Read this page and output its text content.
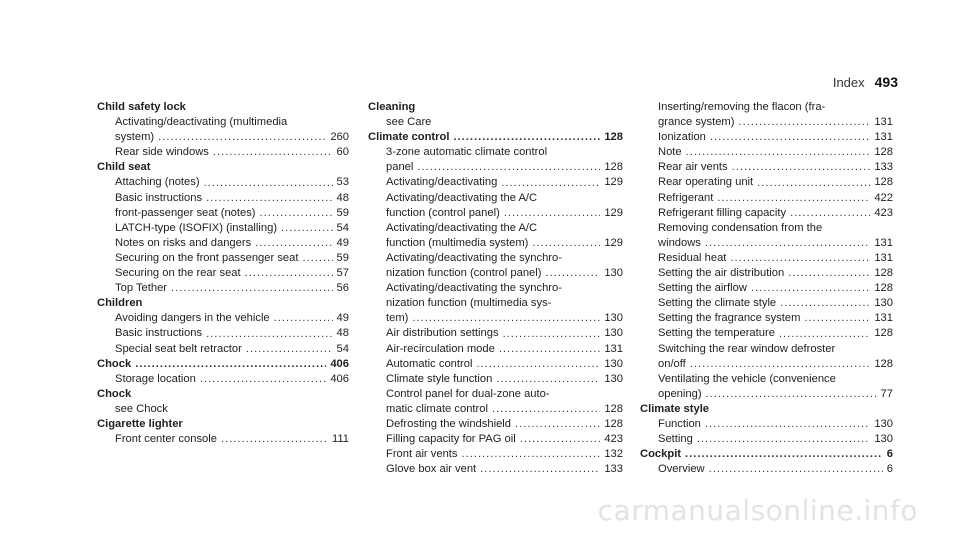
Index 493
Child safety lock
Activating/deactivating (multimedia
system) .....	260
Rear side windows .....	60
Child seat
Attaching (notes) .....	53
Basic instructions .....	48
front-passenger seat (notes) .....	59
LATCH-type (ISOFIX) (installing) .....	54
Notes on risks and dangers .....	49
Securing on the front passenger seat .....	59
Securing on the rear seat .....	57
Top Tether .....	56
Children
Avoiding dangers in the vehicle .....	49
Basic instructions .....	48
Special seat belt retractor .....	54
Chock .....	406
Storage location .....	406
Chock
see Chock
Cigarette lighter
Front center console .....	111
Cleaning
see Care
Climate control .....	128
3-zone automatic climate control
panel .....	128
Activating/deactivating .....	129
Activating/deactivating the A/C
function (control panel) .....	129
Activating/deactivating the A/C
function (multimedia system) .....	129
Activating/deactivating the synchro-
nization function (control panel) .....	130
Activating/deactivating the synchro-
nization function (multimedia sys-
tem) .....	130
Air distribution settings .....	130
Air-recirculation mode .....	131
Automatic control .....	130
Climate style function .....	130
Control panel for dual-zone auto-
matic climate control .....	128
Defrosting the windshield .....	128
Filling capacity for PAG oil .....	423
Front air vents .....	132
Glove box air vent .....	133
Inserting/removing the flacon (fra-
grance system) .....	131
Ionization .....	131
Note .....	128
Rear air vents .....	133
Rear operating unit .....	128
Refrigerant .....	422
Refrigerant filling capacity .....	423
Removing condensation from the
windows .....	131
Residual heat .....	131
Setting the air distribution .....	128
Setting the airflow .....	128
Setting the climate style .....	130
Setting the fragrance system .....	131
Setting the temperature .....	128
Switching the rear window defroster
on/off .....	128
Ventilating the vehicle (convenience
opening) .....	77
Climate style
Function .....	130
Setting .....	130
Cockpit .....	6
Overview .....	6
carmanualsonline.info
